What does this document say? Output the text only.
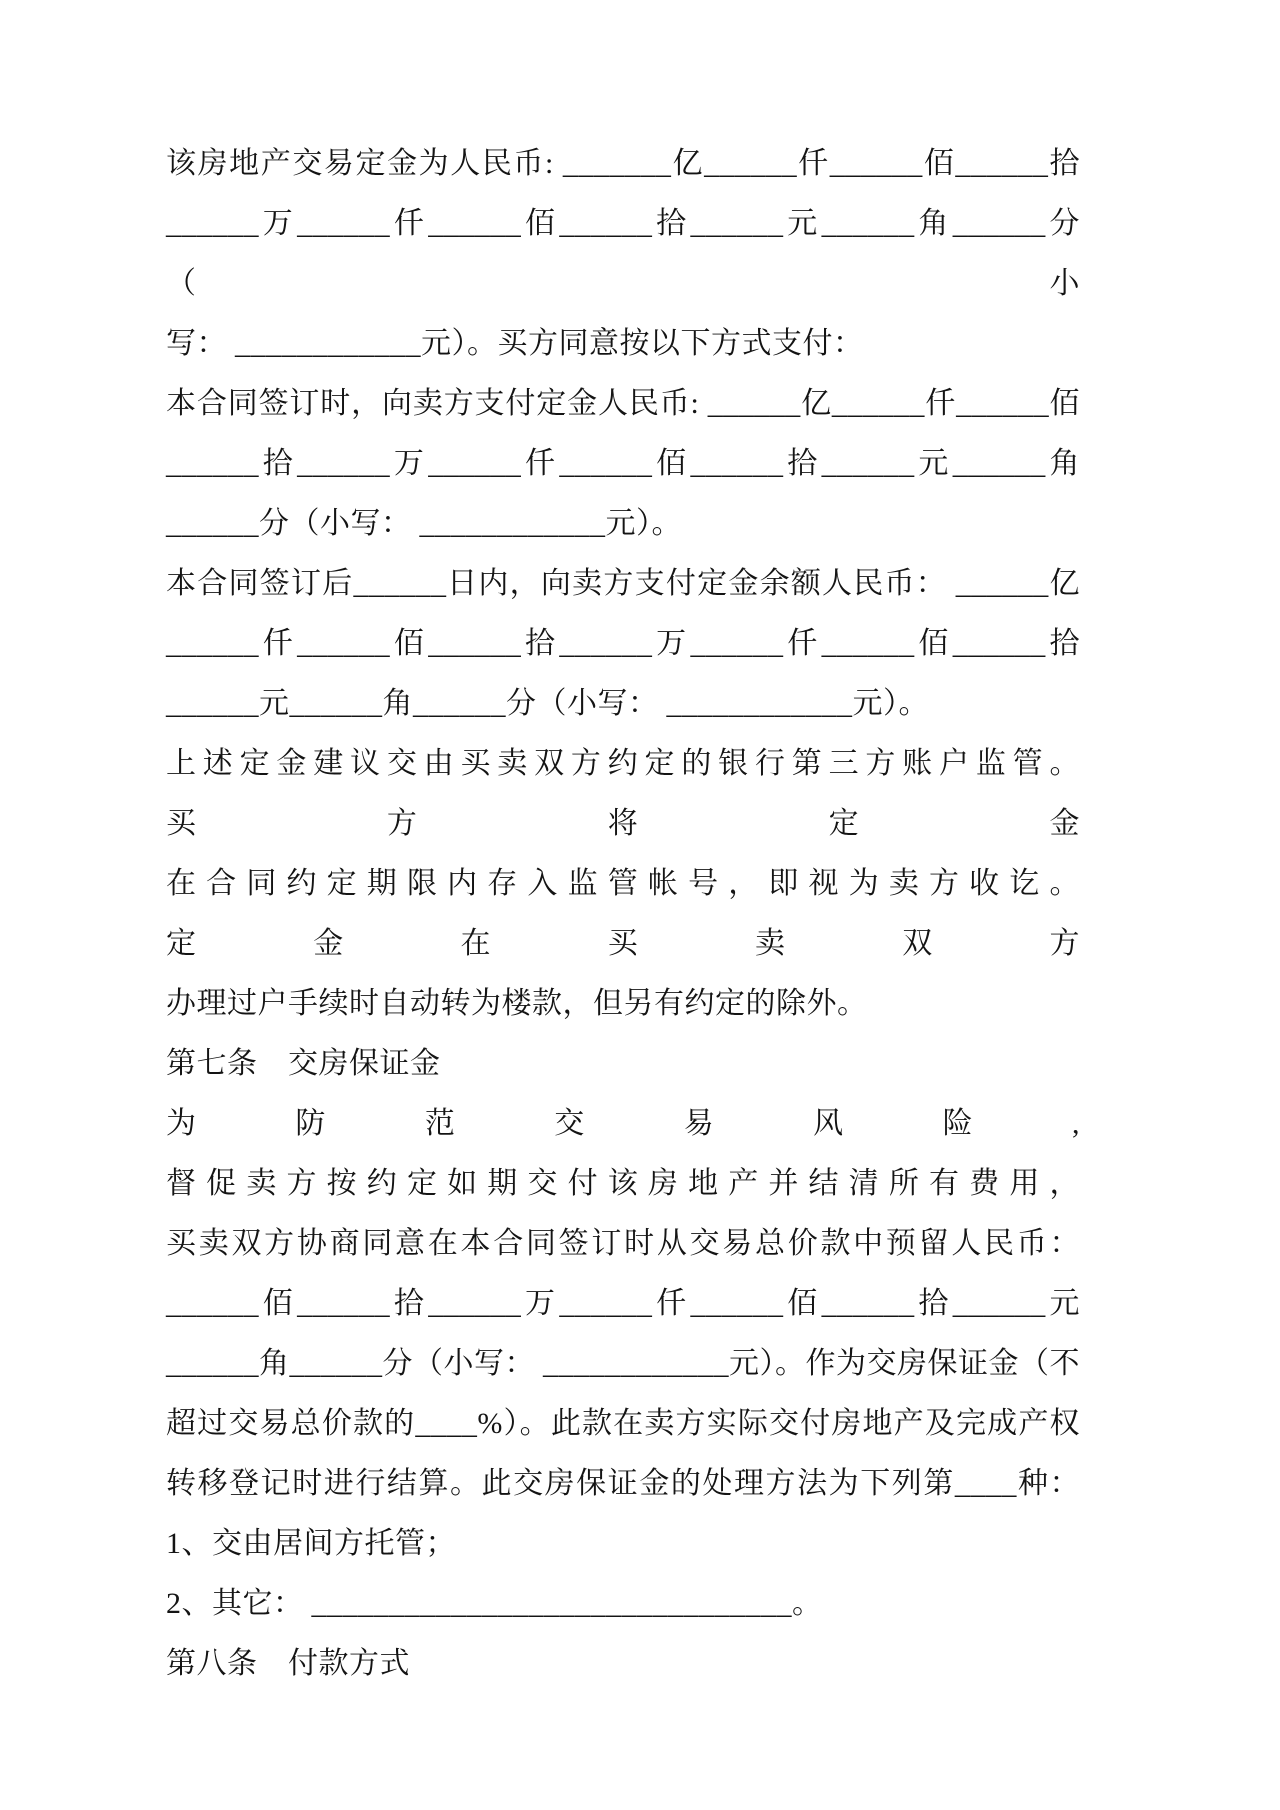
该房地产交易定金为人民币: _______亿______仟______佰______拾
______万______仟______佰______拾______元______角______分（小
写： ____________元）。买方同意按以下方式支付：
本合同签订时，向卖方支付定金人民币: ______亿______仟______佰
______拾______万______仟______佰______拾______元______角
______分（小写： ____________元）。
本合同签订后______日内，向卖方支付定金余额人民币： ______亿
______仟______佰______拾______万______仟______佰______拾
______元______角______分（小写： ____________元）。
上述定金建议交由买卖双方约定的银行第三方账户监管。买方将定金
在合同约定期限内存入监管帐号，即视为卖方收讫。定金在买卖双方
办理过户手续时自动转为楼款，但另有约定的除外。
第七条　交房保证金
为防范交易风险,督促卖方按约定如期交付该房地产并结清所有费用，
买卖双方协商同意在本合同签订时从交易总价款中预留人民币：
______佰______拾______万______仟______佰______拾______元
______角______分（小写： ____________元）。作为交房保证金（不
超过交易总价款的____%）。此款在卖方实际交付房地产及完成产权
转移登记时进行结算。此交房保证金的处理方法为下列第____种：
1、交由居间方托管；
2、其它： _______________________________。
第八条　付款方式
